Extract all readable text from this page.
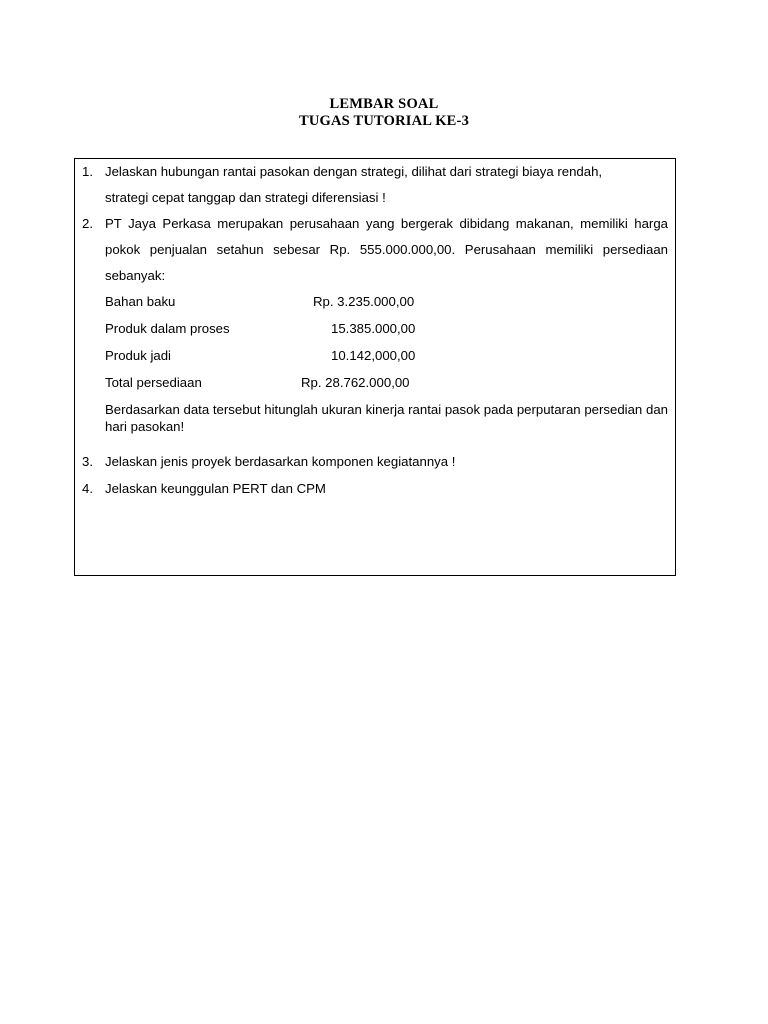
LEMBAR SOAL
TUGAS TUTORIAL KE-3
1. Jelaskan hubungan rantai pasokan dengan strategi, dilihat dari strategi biaya rendah,
strategi cepat tanggap dan strategi diferensiasi !
2. PT Jaya Perkasa merupakan perusahaan yang bergerak dibidang makanan, memiliki harga
pokok penjualan setahun sebesar Rp. 555.000.000,00. Perusahaan memiliki persediaan
sebanyak:
Bahan baku	Rp. 3.235.000,00
Produk dalam proses	15.385.000,00
Produk jadi	10.142,000,00
Total persediaan	Rp. 28.762.000,00
Berdasarkan data tersebut hitunglah ukuran kinerja rantai pasok pada perputaran persedian dan hari pasokan!
3. Jelaskan jenis proyek berdasarkan komponen kegiatannya !
4. Jelaskan keunggulan PERT dan CPM
